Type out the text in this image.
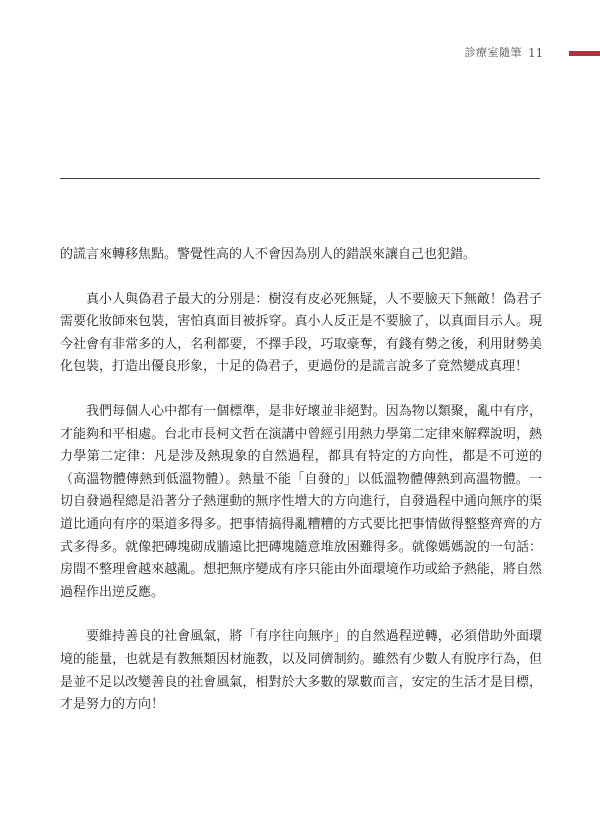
診療室隨筆 11

的謊言來轉移焦點。警覺性高的人不會因為別人的錯誤來讓自己也犯錯。

真小人與偽君子最大的分別是：樹沒有皮必死無疑，人不要臉天下無敵！偽君子需要化妝師來包裝，害怕真面目被拆穿。真小人反正是不要臉了，以真面目示人。現今社會有非常多的人，名利都要，不擇手段，巧取豪奪，有錢有勢之後，利用財勢美化包裝，打造出優良形象，十足的偽君子，更過份的是謊言說多了竟然變成真理！

我們每個人心中都有一個標準，是非好壞並非絕對。因為物以類聚，亂中有序，才能夠和平相處。台北市長柯文哲在演講中曾經引用熱力學第二定律來解釋說明，熱力學第二定律：凡是涉及熱現象的自然過程，都具有特定的方向性，都是不可逆的（高溫物體傳熱到低溫物體）。熱量不能「自發的」以低溫物體傳熱到高溫物體。一切自發過程總是沿著分子熱運動的無序性增大的方向進行，自發過程中通向無序的渠道比通向有序的渠道多得多。把事情搞得亂糟糟的方式要比把事情做得整整齊齊的方式多得多。就像把磚塊砌成牆遠比把磚塊隨意堆放困難得多。就像媽媽說的一句話：房間不整理會越來越亂。想把無序變成有序只能由外面環境作功或給予熱能，將自然過程作出逆反應。

要維持善良的社會風氣，將「有序往向無序」的自然過程逆轉，必須借助外面環境的能量，也就是有教無類因材施教，以及同儕制約。雖然有少數人有脫序行為，但是並不足以改變善良的社會風氣，相對於大多數的眾數而言，安定的生活才是目標，才是努力的方向！
